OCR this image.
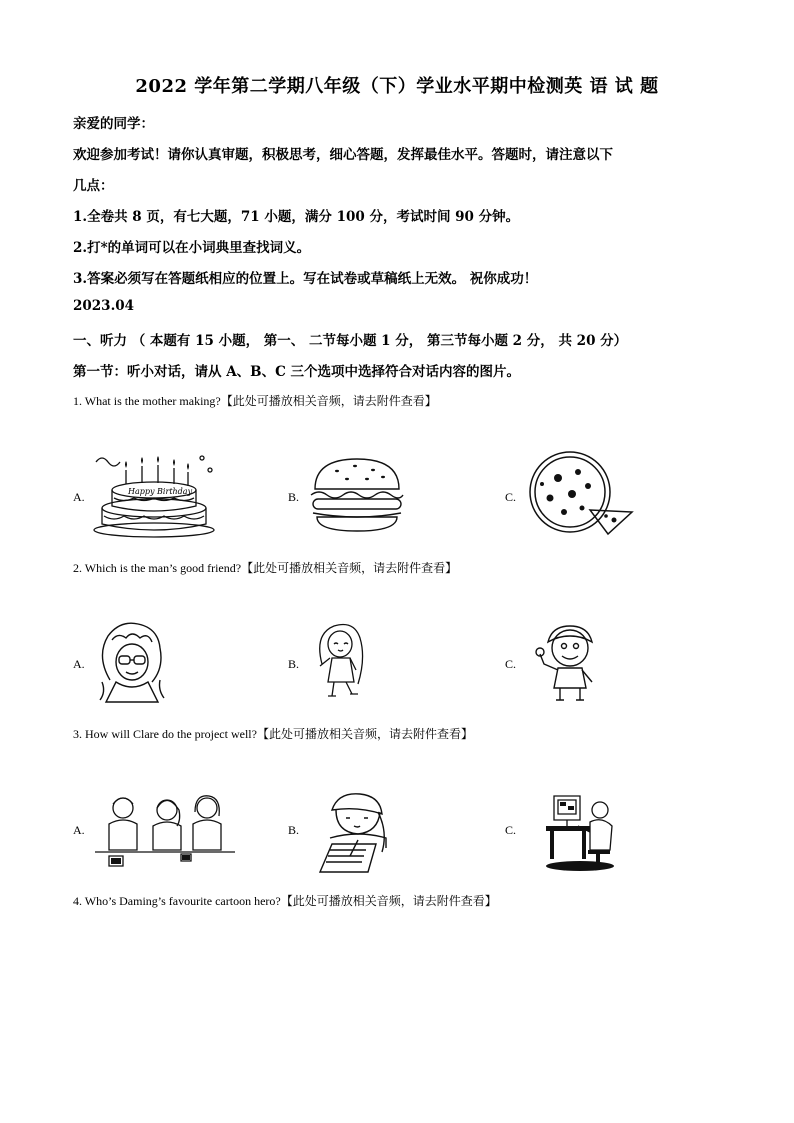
2022 学年第二学期八年级（下）学业水平期中检测英 语 试 题
亲爱的同学：
欢迎参加考试！请你认真审题，积极思考，细心答题，发挥最佳水平。答题时，请注意以下
几点：
1.全卷共 8 页，有七大题，71 小题，满分 100 分，考试时间 90 分钟。
2.打*的单词可以在小词典里查找词义。
3.答案必须写在答题纸相应的位置上。写在试卷或草稿纸上无效。 祝你成功！
2023.04
一、听力 （ 本题有 15 小题， 第一、 二节每小题 1 分， 第三节每小题 2 分， 共 20 分）
第一节：听小对话，请从 A、B、C 三个选项中选择符合对话内容的图片。
1. What is the mother making?【此处可播放相关音频，请去附件查看】
A.	B.	C.
Happy Birthday
2. Which is the man’s good friend?【此处可播放相关音频，请去附件查看】
A.	B.	C.
3. How will Clare do the project well?【此处可播放相关音频，请去附件查看】
A.	B.	C.
4. Who’s Daming’s favourite cartoon hero?【此处可播放相关音频，请去附件查看】
